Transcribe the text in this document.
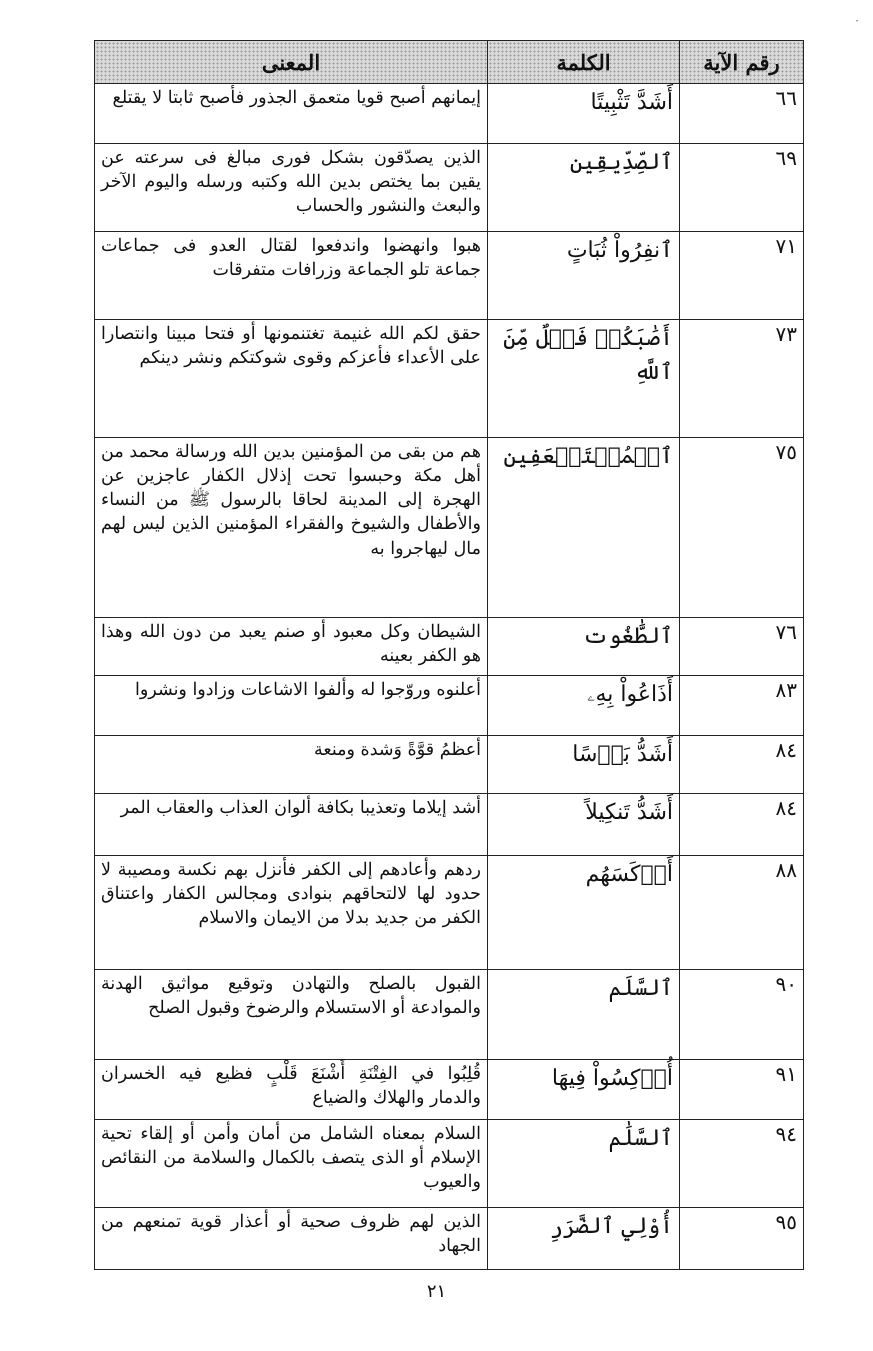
·
رقم الآية	الكلمة	المعنى
٦٦	أَشَدَّ تَثْبِيتًا	إيمانهم أصبح قويا متعمق الجذور فأصبح ثابتا لا يقتلع
٦٩	ٱلصِّدِّيقِين	الذين يصدّقون بشكل فورى مبالغ فى سرعته عن يقين بما يختص بدين الله وكتبه ورسله واليوم الآخر والبعث والنشور والحساب
٧١	ٱنفِرُواْ ثُبَاتٍ	هبوا وانهضوا واندفعوا لقتال العدو فى جماعات جماعة تلو الجماعة وزرافات متفرقات
٧٣	أَصَٰبَكُمۡ فَضۡلٌ مِّنَ ٱللَّهِ	حقق لكم الله غنيمة تغتنمونها أو فتحا مبينا وانتصارا على الأعداء فأعزكم وقوى شوكتكم ونشر دينكم
٧٥	ٱلۡمُسۡتَضۡعَفِين	هم من بقى من المؤمنين بدين الله ورسالة محمد من أهل مكة وحبسوا تحت إذلال الكفار عاجزين عن الهجرة إلى المدينة لحاقا بالرسول ﷺ من النساء والأطفال والشيوخ والفقراء المؤمنين الذين ليس لهم مال ليهاجروا به
٧٦	ٱلطَّٰغُوت	الشيطان وكل معبود أو صنم يعبد من دون الله وهذا هو الكفر بعينه
٨٣	أَذَاعُواْ بِهِۦ	أعلنوه وروّجوا له وألفوا الاشاعات وزادوا ونشروا
٨٤	أَشَدُّ بَأۡسًا	أعظمُ قوَّةً وَشدة ومنعة
٨٤	أَشَدُّ تَنكِيلاً	أشد إيلاما وتعذيبا بكافة ألوان العذاب والعقاب المر
٨٨	أَرۡكَسَهُم	ردهم وأعادهم إلى الكفر فأنزل بهم نكسة ومصيبة لا حدود لها لالتحاقهم بنوادى ومجالس الكفار واعتناق الكفر من جديد بدلا من الايمان والاسلام
٩٠	ٱلسَّلَم	القبول بالصلح والتهادن وتوقيع مواثيق الهدنة والموادعة أو الاستسلام والرضوخ وقبول الصلح
٩١	أُرۡكِسُواْ فِيهَا	قُلِبُوا في الفِتْنَةِ أَشْنَعَ قَلْبٍ فظيع فيه الخسران والدمار والهلاك والضياع
٩٤	ٱلسَّلَٰم	السلام بمعناه الشامل من أمان وأمن أو إلقاء تحية الإسلام أو الذى يتصف بالكمال والسلامة من النقائص والعيوب
٩٥	أُوْلِي ٱلضَّرَرِ	الذين لهم ظروف صحية أو أعذار قوية تمنعهم من الجهاد
٢١
